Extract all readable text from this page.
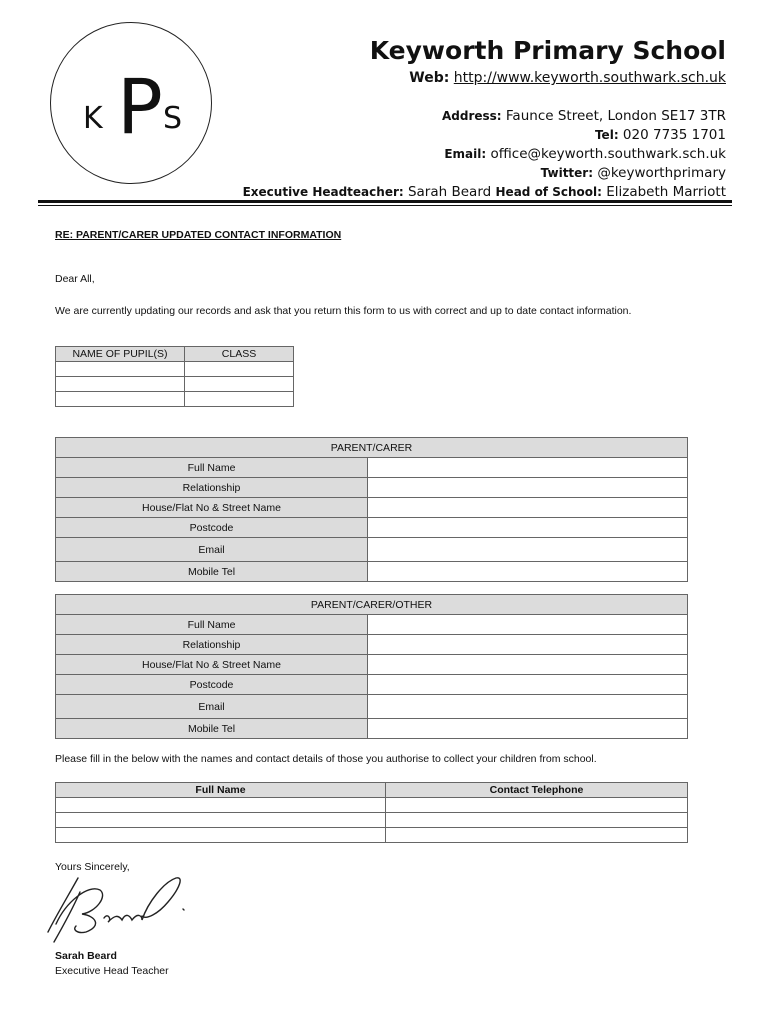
K P S
Keyworth Primary School
Web: http://www.keyworth.southwark.sch.uk
Address: Faunce Street, London SE17 3TR
Tel: 020 7735 1701
Email: office@keyworth.southwark.sch.uk
Twitter: @keyworthprimary
Executive Headteacher: Sarah Beard Head of School: Elizabeth Marriott
RE: PARENT/CARER UPDATED CONTACT INFORMATION
Dear All,
We are currently updating our records and ask that you return this form to us with correct and up to date contact information.
NAME OF PUPIL(S)	CLASS

PARENT/CARER	
Full Name	
Relationship	
House/Flat No & Street Name	
Postcode	
Email	
Mobile Tel	
PARENT/CARER/OTHER	
Full Name	
Relationship	
House/Flat No & Street Name	
Postcode	
Email	
Mobile Tel	
Please fill in the below with the names and contact details of those you authorise to collect your children from school.
Full Name	Contact Telephone

Yours Sincerely,
Sarah Beard
Executive Head Teacher
